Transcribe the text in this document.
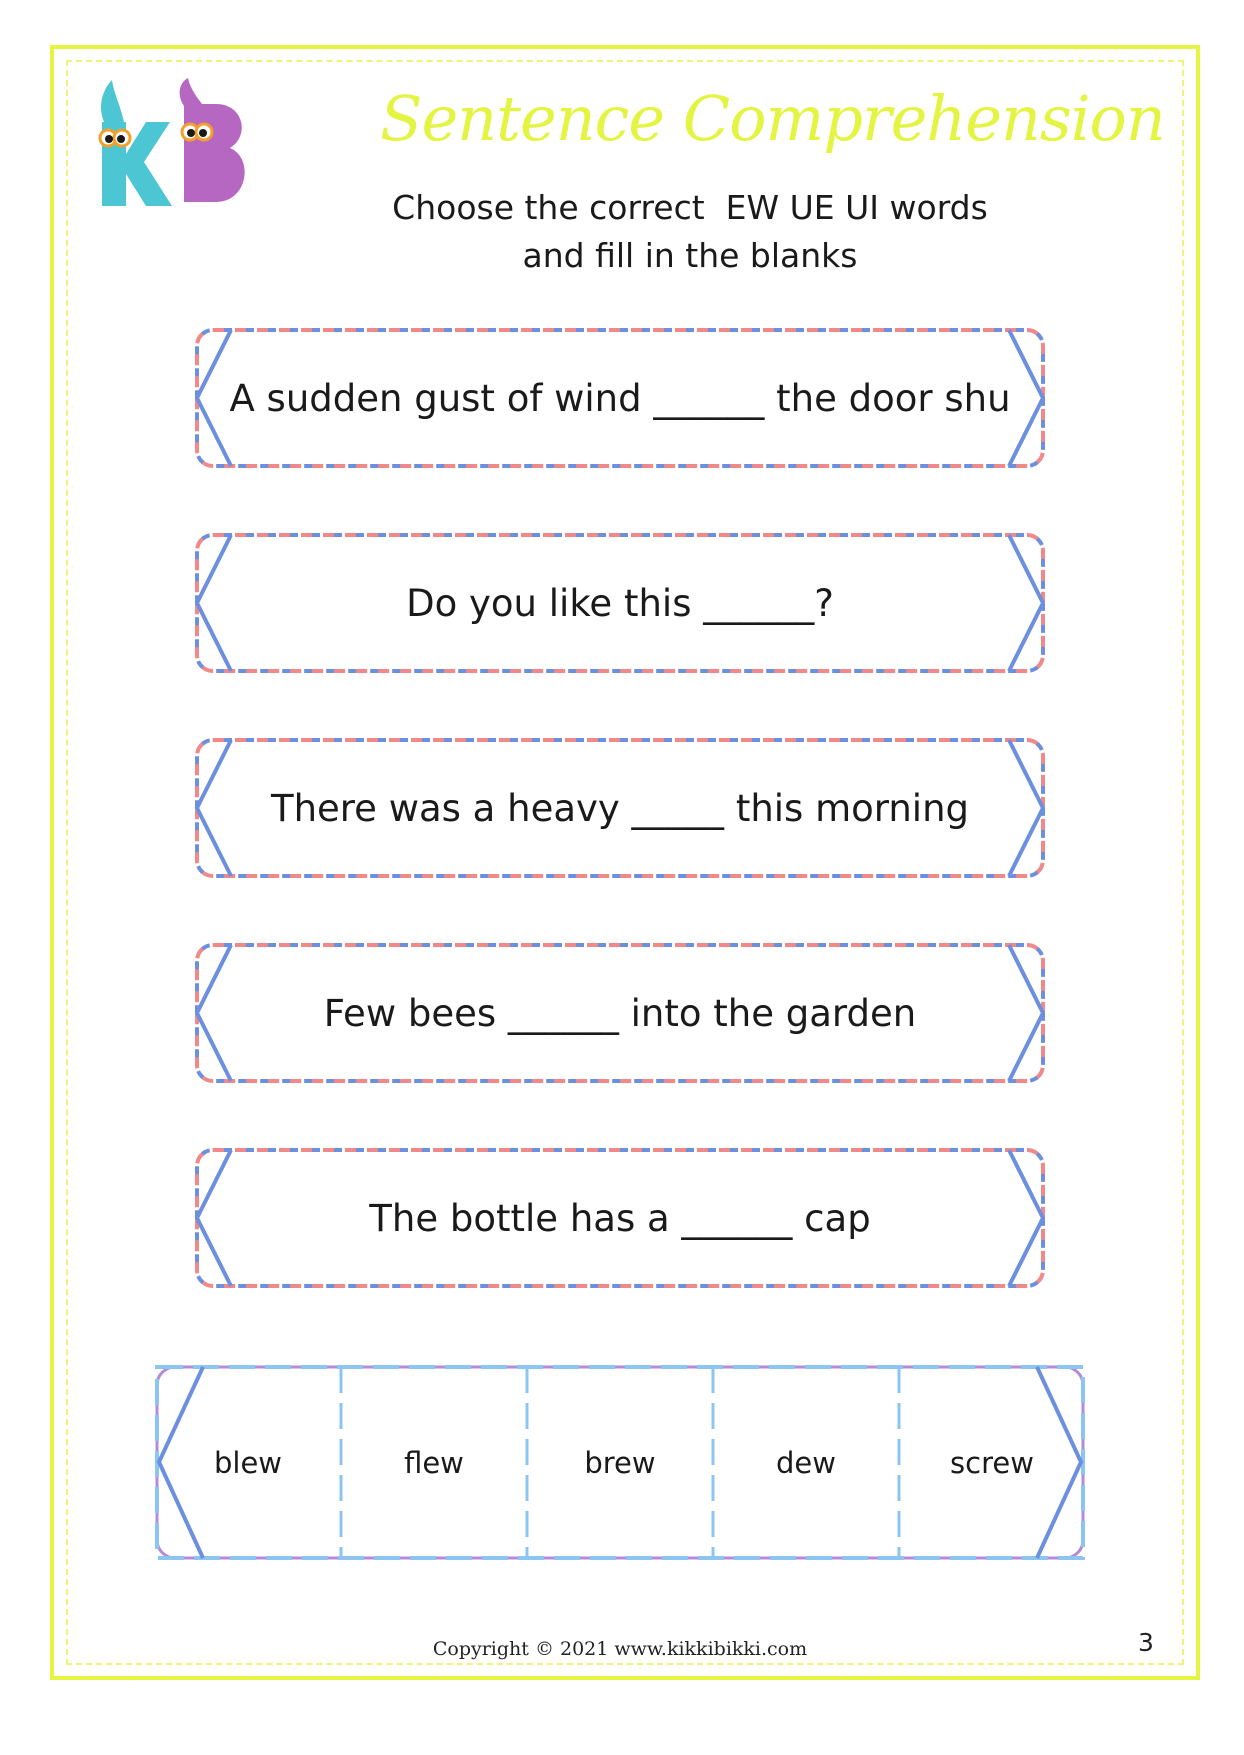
Sentence Comprehension
Choose the correct  EW UE UI words
and fill in the blanks
A sudden gust of wind ______ the door shu
Do you like this ______?
There was a heavy _____ this morning
Few bees ______ into the garden
The bottle has a ______ cap
blew	flew	brew	dew	screw
Copyright © 2021 www.kikkibikki.com	3
